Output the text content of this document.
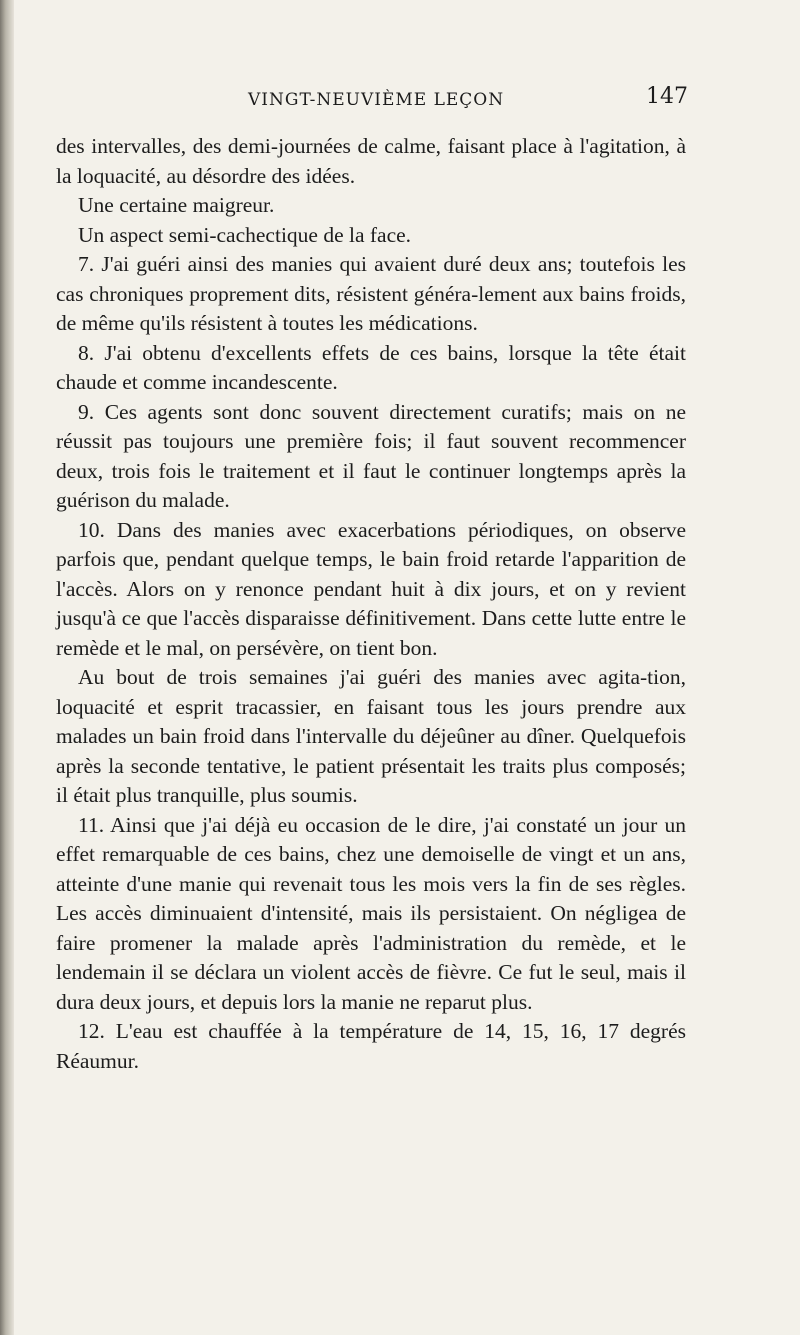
VINGT-NEUVIÈME LEÇON	147

des intervalles, des demi-journées de calme, faisant place à l'agitation, à la loquacité, au désordre des idées.

Une certaine maigreur.

Un aspect semi-cachectique de la face.

7. J'ai guéri ainsi des manies qui avaient duré deux ans; toutefois les cas chroniques proprement dits, résistent généra-lement aux bains froids, de même qu'ils résistent à toutes les médications.

8. J'ai obtenu d'excellents effets de ces bains, lorsque la tête était chaude et comme incandescente.

9. Ces agents sont donc souvent directement curatifs; mais on ne réussit pas toujours une première fois; il faut souvent recommencer deux, trois fois le traitement et il faut le continuer longtemps après la guérison du malade.

10. Dans des manies avec exacerbations périodiques, on observe parfois que, pendant quelque temps, le bain froid retarde l'apparition de l'accès. Alors on y renonce pendant huit à dix jours, et on y revient jusqu'à ce que l'accès disparaisse définitivement. Dans cette lutte entre le remède et le mal, on persévère, on tient bon.

Au bout de trois semaines j'ai guéri des manies avec agita-tion, loquacité et esprit tracassier, en faisant tous les jours prendre aux malades un bain froid dans l'intervalle du déjeûner au dîner. Quelquefois après la seconde tentative, le patient présentait les traits plus composés; il était plus tranquille, plus soumis.

11. Ainsi que j'ai déjà eu occasion de le dire, j'ai constaté un jour un effet remarquable de ces bains, chez une demoiselle de vingt et un ans, atteinte d'une manie qui revenait tous les mois vers la fin de ses règles. Les accès diminuaient d'intensité, mais ils persistaient. On négligea de faire promener la malade après l'administration du remède, et le lendemain il se déclara un violent accès de fièvre. Ce fut le seul, mais il dura deux jours, et depuis lors la manie ne reparut plus.

12. L'eau est chauffée à la température de 14, 15, 16, 17 degrés Réaumur.
